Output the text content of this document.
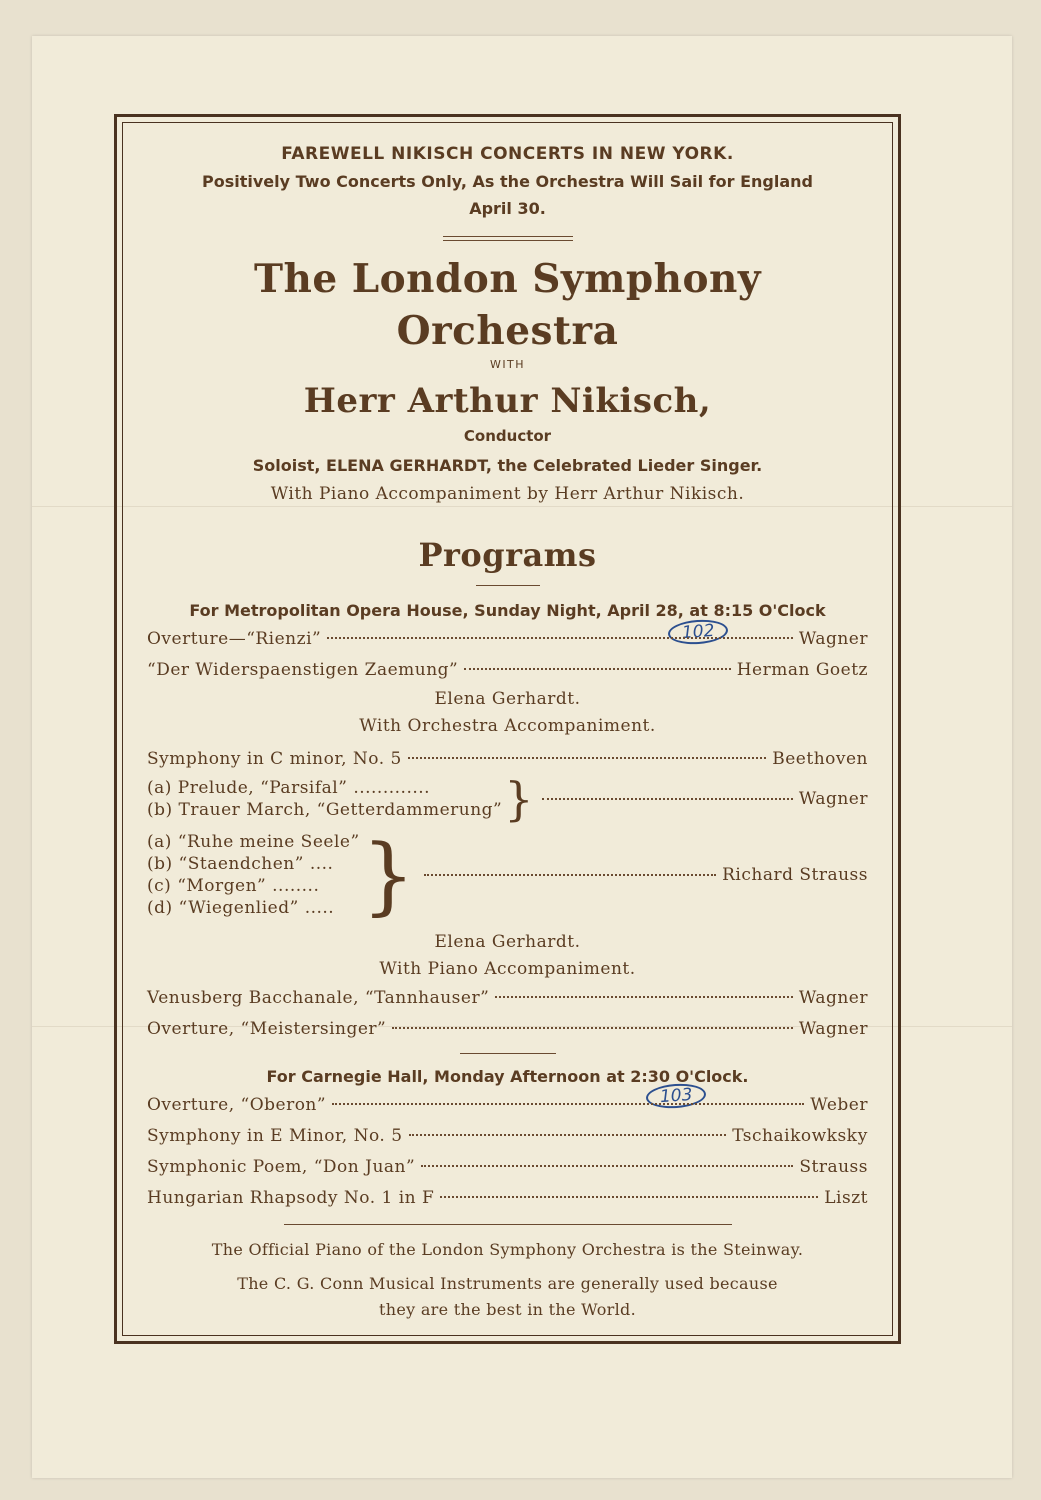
FAREWELL NIKISCH CONCERTS IN NEW YORK.
Positively Two Concerts Only, As the Orchestra Will Sail for England
April 30.
The London Symphony Orchestra
WITH
Herr Arthur Nikisch,
Conductor
Soloist, ELENA GERHARDT, the Celebrated Lieder Singer.
With Piano Accompaniment by Herr Arthur Nikisch.
Programs
For Metropolitan Opera House, Sunday Night, April 28, at 8:15 O'Clock
102
Overture—“Rienzi”	Wagner
“Der Widerspaenstigen Zaemung”	Herman Goetz
Elena Gerhardt.
With Orchestra Accompaniment.
Symphony in C minor, No. 5	Beethoven
(a) Prelude, “Parsifal” .............
(b) Trauer March, “Getterdammerung” }	Wagner
(a) “Ruhe meine Seele”
(b) “Staendchen” ....
(c) “Morgen” ........
(d) “Wiegenlied” ..... }	Richard Strauss
Elena Gerhardt.
With Piano Accompaniment.
Venusberg Bacchanale, “Tannhauser”	Wagner
Overture, “Meistersinger”	Wagner
For Carnegie Hall, Monday Afternoon at 2:30 O'Clock.
103
Overture, “Oberon”	Weber
Symphony in E Minor, No. 5	Tschaikowkskу
Symphonic Poem, “Don Juan”	Strauss
Hungarian Rhapsody No. 1 in F	Liszt
The Official Piano of the London Symphony Orchestra is the Steinway.
The C. G. Conn Musical Instruments are generally used because
they are the best in the World.
